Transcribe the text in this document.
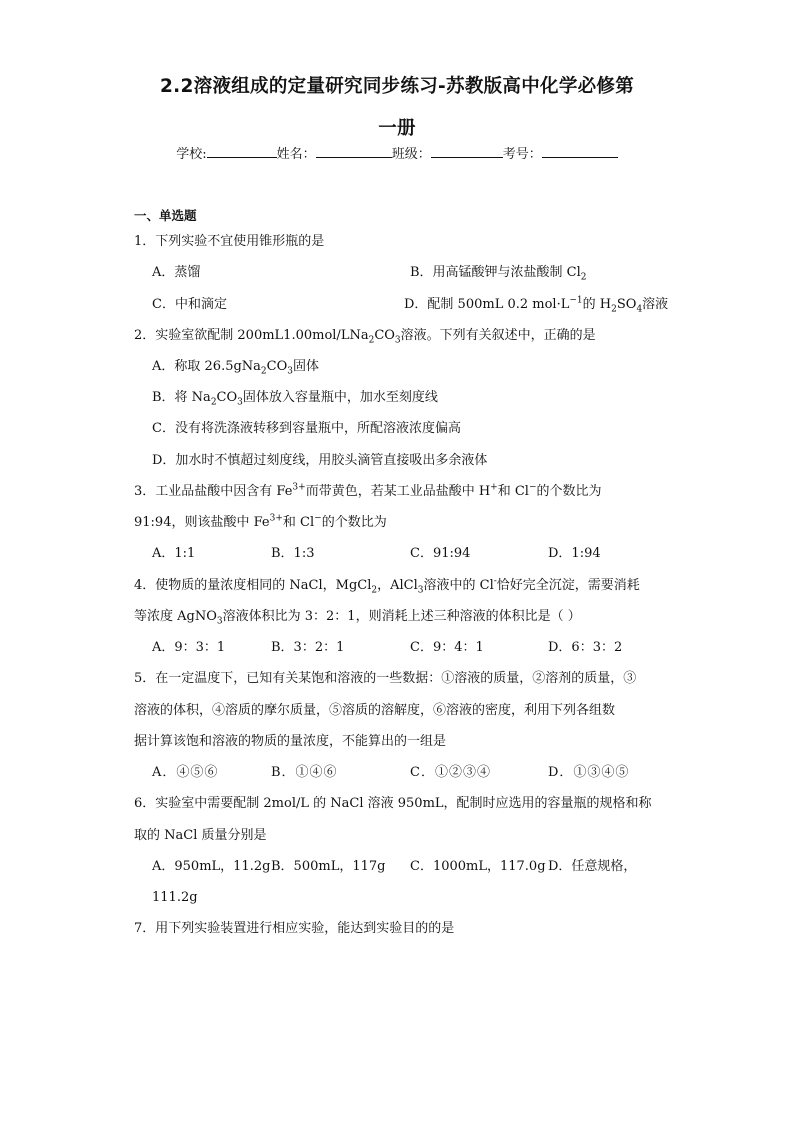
2.2溶液组成的定量研究同步练习-苏教版高中化学必修第
一册
学校:	姓名：	班级：	考号：
一、单选题
1．下列实验不宜使用锥形瓶的是
A．蒸馏	B．用高锰酸钾与浓盐酸制 $Cl_2$
C．中和滴定	D．配制 500mL 0.2 $mol\cdot L^{-1}$的 $H_2SO_4$溶液
2．实验室欲配制 $200mL1.00mol/LNa_2CO_3$溶液。下列有关叙述中，正确的是
A．称取 $26.5gNa_2CO_3$固体
B．将 $Na_2CO_3$固体放入容量瓶中，加水至刻度线
C．没有将洗涤液转移到容量瓶中，所配溶液浓度偏高
D．加水时不慎超过刻度线，用胶头滴管直接吸出多余液体
3．工业品盐酸中因含有 $Fe^{3+}$而带黄色，若某工业品盐酸中 H+和 Cl−的个数比为
91:94，则该盐酸中 $Fe^{3+}$和 Cl−的个数比为
A．1:1	B．1:3	C．91:94	D．1:94
4．使物质的量浓度相同的 NaCl，MgCl$_2$，AlCl$_3$溶液中的 Cl-恰好完全沉淀，需要消耗
等浓度 AgNO$_3$溶液体积比为 3：2：1，则消耗上述三种溶液的体积比是（ ）
A．9：3：1	B．3：2：1	C．9：4：1	D．6：3：2
5．在一定温度下，已知有关某饱和溶液的一些数据：①溶液的质量，②溶剂的质量，③
溶液的体积，④溶质的摩尔质量，⑤溶质的溶解度，⑥溶液的密度，利用下列各组数
据计算该饱和溶液的物质的量浓度，不能算出的一组是
A．④⑤⑥	B．①④⑥	C．①②③④	D．①③④⑤
6．实验室中需要配制 2mol/L 的 NaCl 溶液 950mL，配制时应选用的容量瓶的规格和称
取的 NaCl 质量分别是
A．950mL，11.2g B．500mL，117g C．1000mL，117.0g D．任意规格，
111.2g
7．用下列实验装置进行相应实验，能达到实验目的的是
